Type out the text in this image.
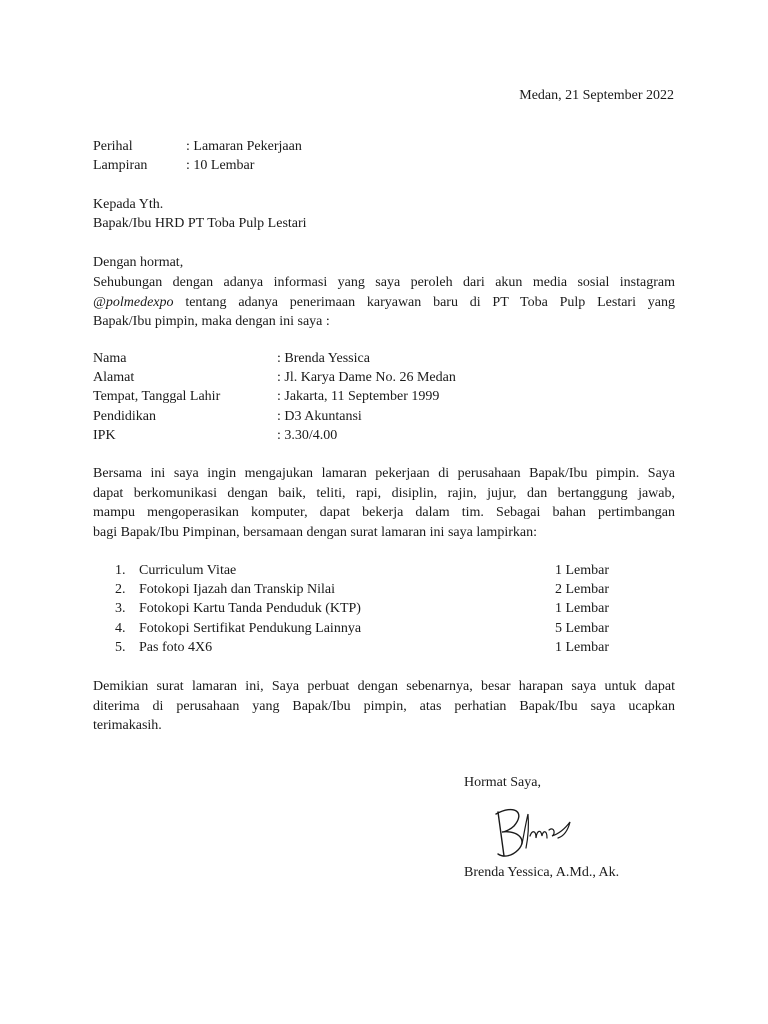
Medan, 21 September 2022
Perihal	: Lamaran Pekerjaan
Lampiran	: 10 Lembar
Kepada Yth.
Bapak/Ibu HRD PT Toba Pulp Lestari
Dengan hormat,
Sehubungan dengan adanya informasi yang saya peroleh dari akun media sosial instagram
@polmedexpo tentang adanya penerimaan karyawan baru di PT Toba Pulp Lestari yang
Bapak/Ibu pimpin, maka dengan ini saya :
Nama	: Brenda Yessica
Alamat	: Jl. Karya Dame No. 26 Medan
Tempat, Tanggal Lahir	: Jakarta, 11 September 1999
Pendidikan	: D3 Akuntansi
IPK	: 3.30/4.00
Bersama ini saya ingin mengajukan lamaran pekerjaan di perusahaan Bapak/Ibu pimpin. Saya
dapat berkomunikasi dengan baik, teliti, rapi, disiplin, rajin, jujur, dan bertanggung jawab,
mampu mengoperasikan komputer, dapat bekerja dalam tim. Sebagai bahan pertimbangan
bagi Bapak/Ibu Pimpinan, bersamaan dengan surat lamaran ini saya lampirkan:
1. Curriculum Vitae	1 Lembar
2. Fotokopi Ijazah dan Transkip Nilai	2 Lembar
3. Fotokopi Kartu Tanda Penduduk (KTP)	1 Lembar
4. Fotokopi Sertifikat Pendukung Lainnya	5 Lembar
5. Pas foto 4X6	1 Lembar
Demikian surat lamaran ini, Saya perbuat dengan sebenarnya, besar harapan saya untuk dapat
diterima di perusahaan yang Bapak/Ibu pimpin, atas perhatian Bapak/Ibu saya ucapkan
terimakasih.
Hormat Saya,
Brenda Yessica, A.Md., Ak.
